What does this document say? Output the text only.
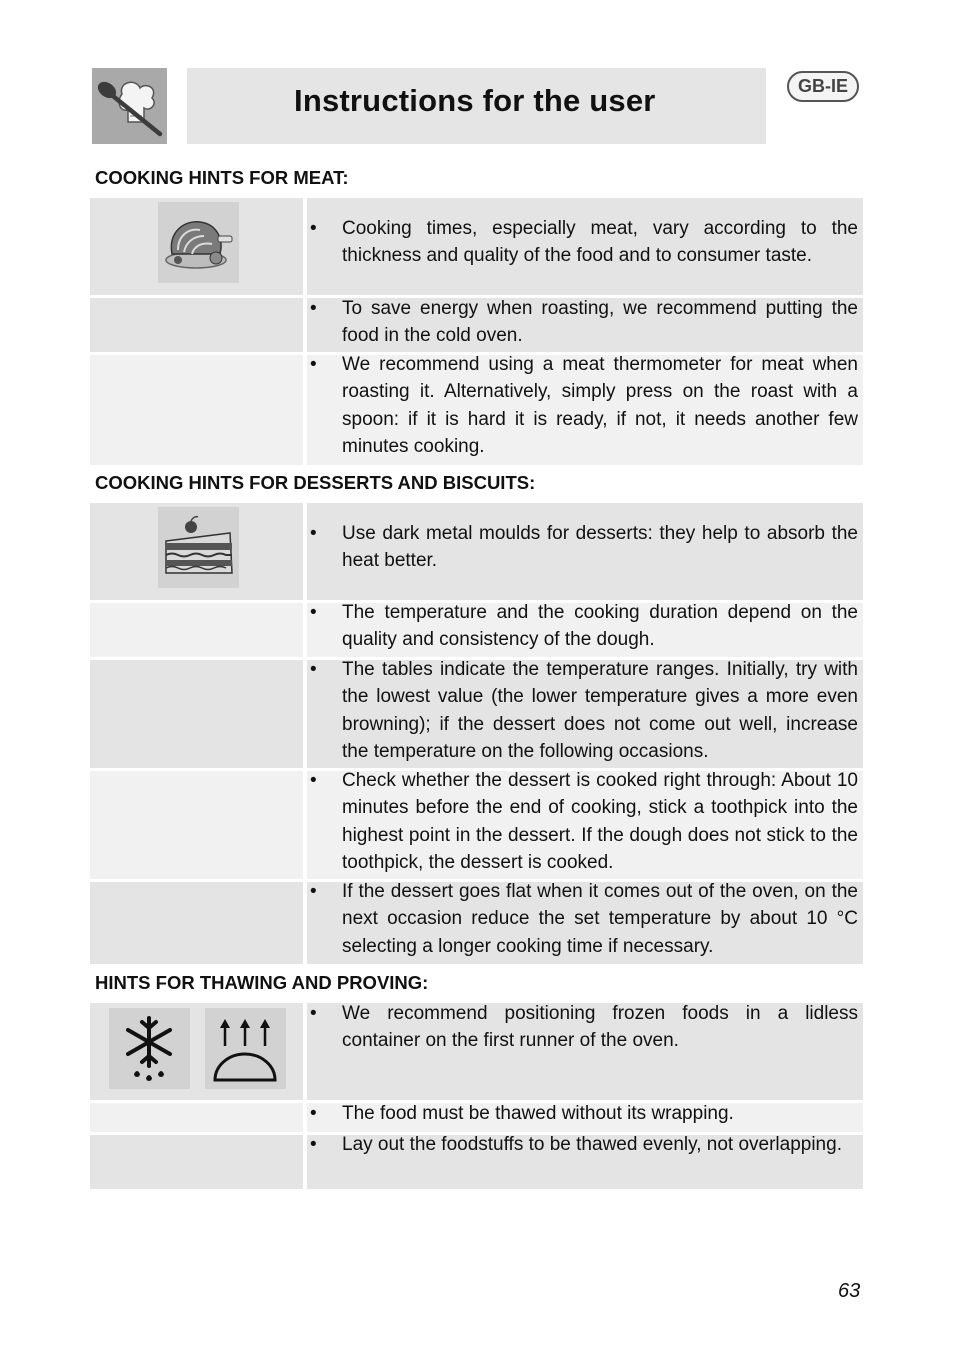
Instructions for the user	GB-IE
COOKING HINTS FOR MEAT:
• Cooking times, especially meat, vary according to the thickness and quality of the food and to consumer taste.
• To save energy when roasting, we recommend putting the food in the cold oven.
• We recommend using a meat thermometer for meat when roasting it. Alternatively, simply press on the roast with a spoon: if it is hard it is ready, if not, it needs another few minutes cooking.
COOKING HINTS FOR DESSERTS AND BISCUITS:
• Use dark metal moulds for desserts: they help to absorb the heat better.
• The temperature and the cooking duration depend on the quality and consistency of the dough.
• The tables indicate the temperature ranges. Initially, try with the lowest value (the lower temperature gives a more even browning); if the dessert does not come out well, increase the temperature on the following occasions.
• Check whether the dessert is cooked right through: About 10 minutes before the end of cooking, stick a toothpick into the highest point in the dessert. If the dough does not stick to the toothpick, the dessert is cooked.
• If the dessert goes flat when it comes out of the oven, on the next occasion reduce the set temperature by about 10 °C selecting a longer cooking time if necessary.
HINTS FOR THAWING AND PROVING:
• We recommend positioning frozen foods in a lidless container on the first runner of the oven.
• The food must be thawed without its wrapping.
• Lay out the foodstuffs to be thawed evenly, not overlapping.
63
